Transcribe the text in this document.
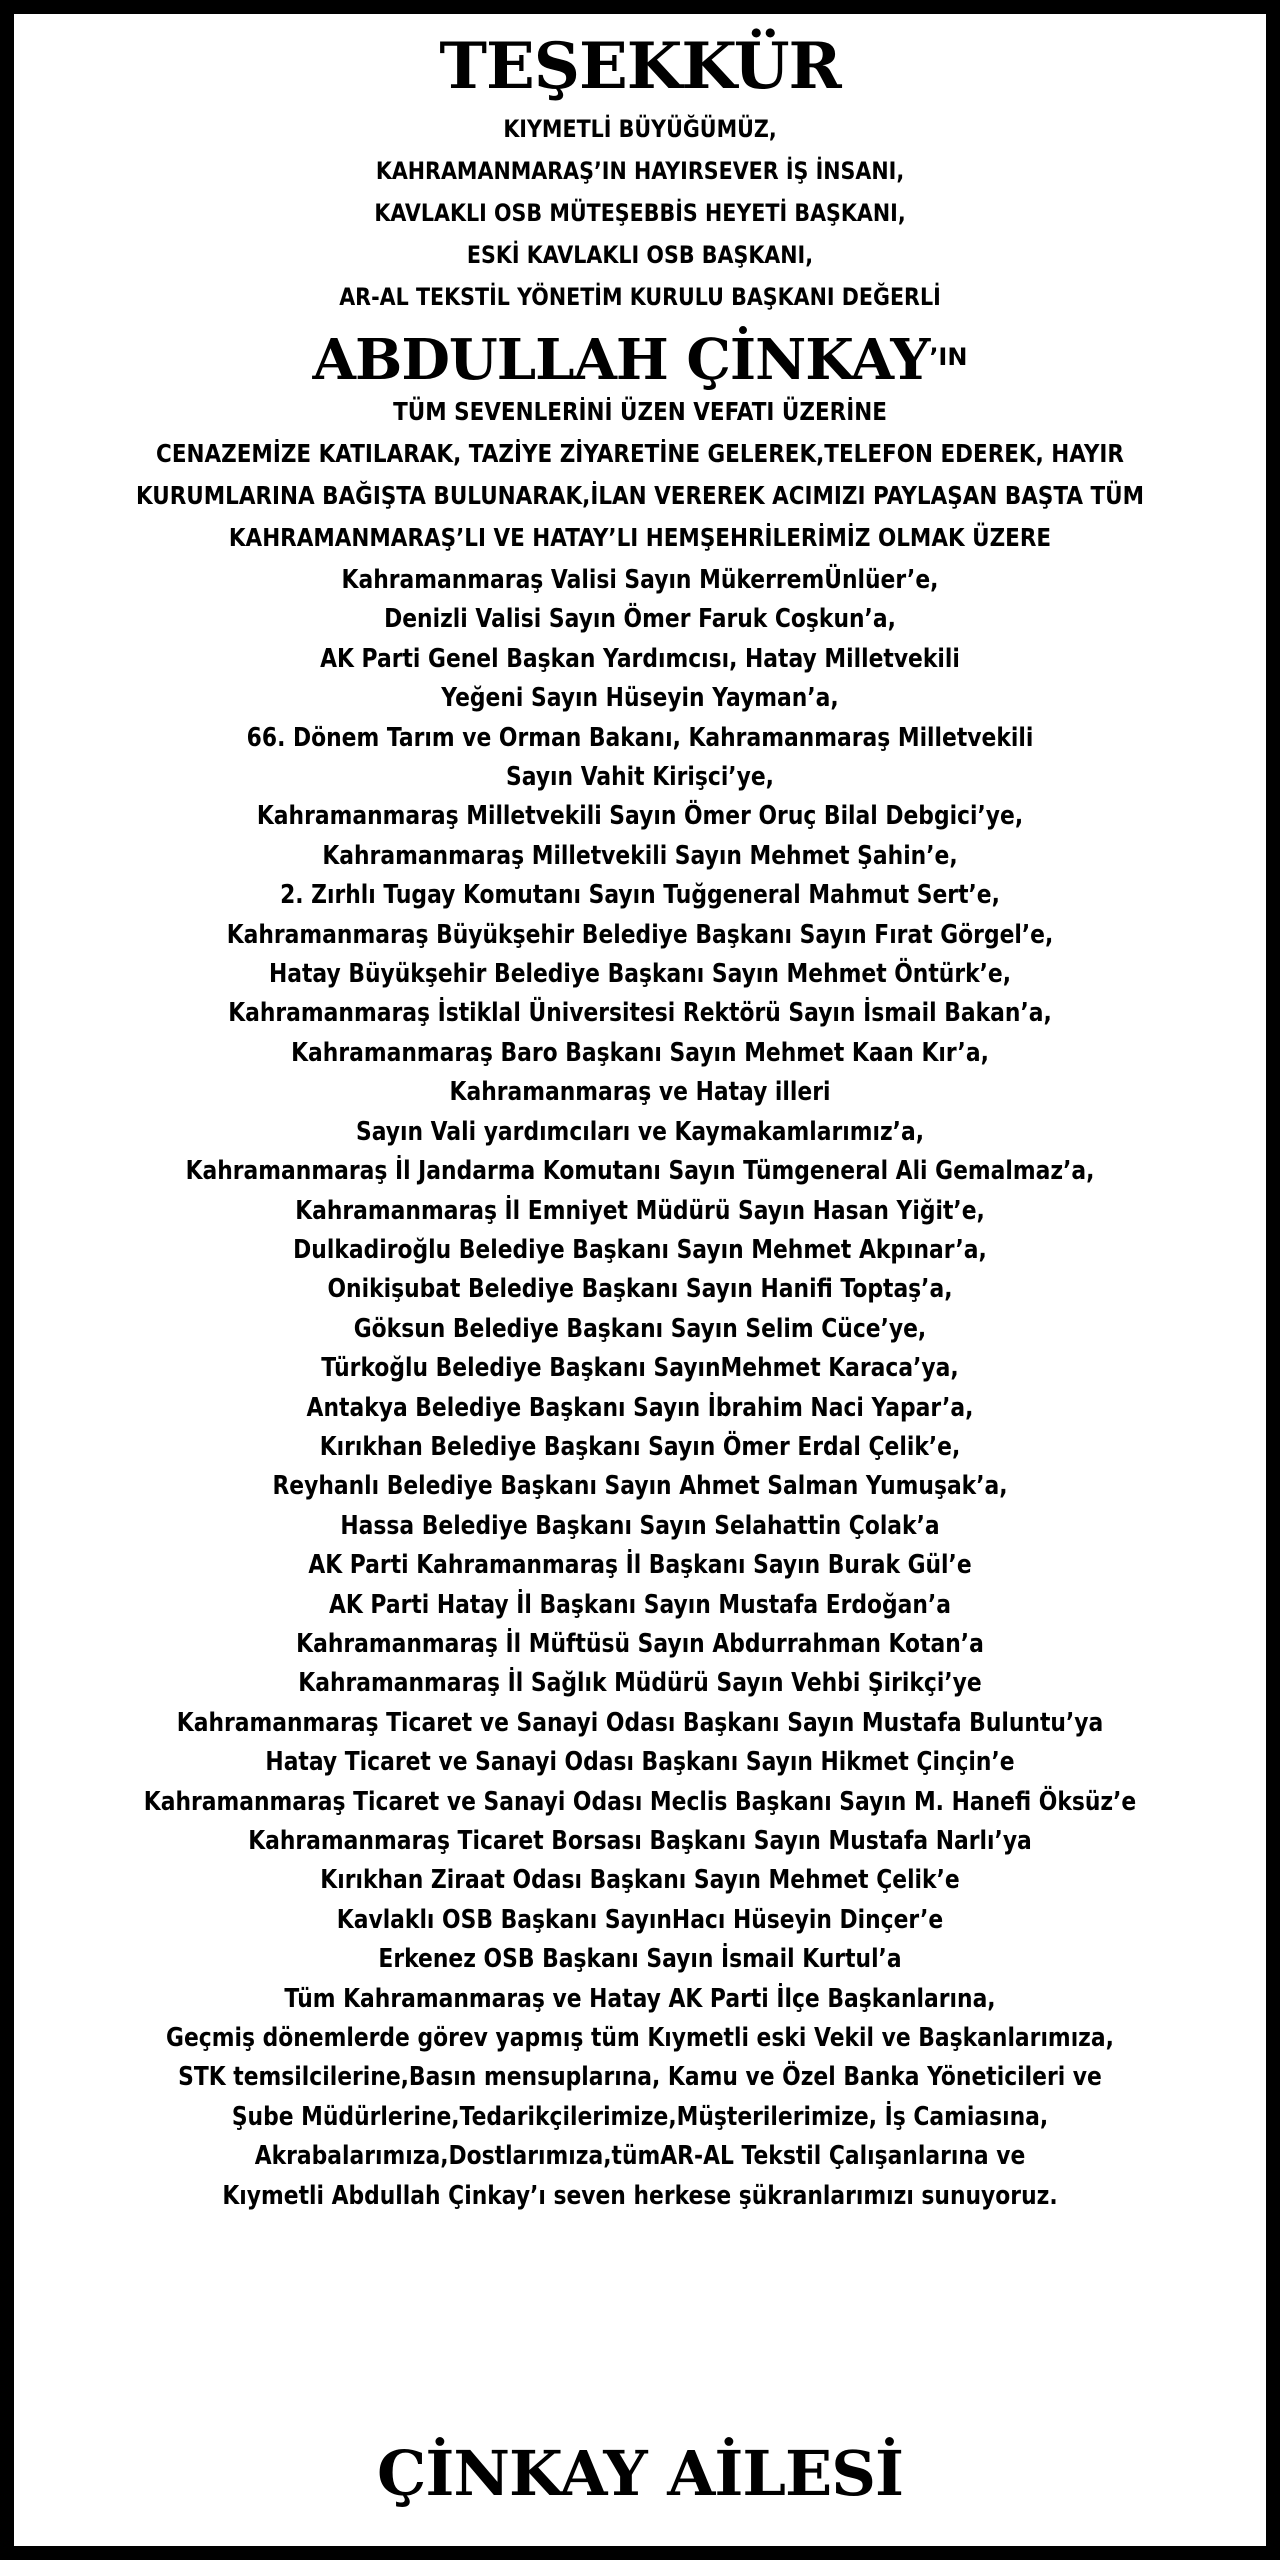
TEŞEKKÜR
KIYMETLİ BÜYÜĞÜMÜZ,
KAHRAMANMARAŞ’IN HAYIRSEVER İŞ İNSANI,
KAVLAKLI OSB MÜTEŞEBBİS HEYETİ BAŞKANI,
ESKİ KAVLAKLI OSB BAŞKANI,
AR-AL TEKSTİL YÖNETİM KURULU BAŞKANI DEĞERLİ
ABDULLAH $ÇİNKAY^{’IN}$
TÜM SEVENLERİNİ ÜZEN VEFATI ÜZERİNE
CENAZEMİZE KATILARAK, TAZİYE ZİYARETİNE GELEREK,TELEFON EDEREK, HAYIR
KURUMLARINA BAĞIŞTA BULUNARAK,İLAN VEREREK ACIMIZI PAYLAŞAN BAŞTA TÜM
KAHRAMANMARAŞ’LI VE HATAY’LI HEMŞEHRİLERİMİZ OLMAK ÜZERE
Kahramanmaraş Valisi Sayın MükerremÜnlüer’e,
Denizli Valisi Sayın Ömer Faruk Coşkun’a,
AK Parti Genel Başkan Yardımcısı, Hatay Milletvekili
Yeğeni Sayın Hüseyin Yayman’a,
66. Dönem Tarım ve Orman Bakanı, Kahramanmaraş Milletvekili
Sayın Vahit Kirişci’ye,
Kahramanmaraş Milletvekili Sayın Ömer Oruç Bilal Debgici’ye,
Kahramanmaraş Milletvekili Sayın Mehmet Şahin’e,
2. Zırhlı Tugay Komutanı Sayın Tuğgeneral Mahmut Sert’e,
Kahramanmaraş Büyükşehir Belediye Başkanı Sayın Fırat Görgel’e,
Hatay Büyükşehir Belediye Başkanı Sayın Mehmet Öntürk’e,
Kahramanmaraş İstiklal Üniversitesi Rektörü Sayın İsmail Bakan’a,
Kahramanmaraş Baro Başkanı Sayın Mehmet Kaan Kır’a,
Kahramanmaraş ve Hatay illeri
Sayın Vali yardımcıları ve Kaymakamlarımız’a,
Kahramanmaraş İl Jandarma Komutanı Sayın Tümgeneral Ali Gemalmaz’a,
Kahramanmaraş İl Emniyet Müdürü Sayın Hasan Yiğit’e,
Dulkadiroğlu Belediye Başkanı Sayın Mehmet Akpınar’a,
Onikişubat Belediye Başkanı Sayın Hanifi Toptaş’a,
Göksun Belediye Başkanı Sayın Selim Cüce’ye,
Türkoğlu Belediye Başkanı SayınMehmet Karaca’ya,
Antakya Belediye Başkanı Sayın İbrahim Naci Yapar’a,
Kırıkhan Belediye Başkanı Sayın Ömer Erdal Çelik’e,
Reyhanlı Belediye Başkanı Sayın Ahmet Salman Yumuşak’a,
Hassa Belediye Başkanı Sayın Selahattin Çolak’a
AK Parti Kahramanmaraş İl Başkanı Sayın Burak Gül’e
AK Parti Hatay İl Başkanı Sayın Mustafa Erdoğan’a
Kahramanmaraş İl Müftüsü Sayın Abdurrahman Kotan’a
Kahramanmaraş İl Sağlık Müdürü Sayın Vehbi Şirikçi’ye
Kahramanmaraş Ticaret ve Sanayi Odası Başkanı Sayın Mustafa Buluntu’ya
Hatay Ticaret ve Sanayi Odası Başkanı Sayın Hikmet Çinçin’e
Kahramanmaraş Ticaret ve Sanayi Odası Meclis Başkanı Sayın M. Hanefi Öksüz’e
Kahramanmaraş Ticaret Borsası Başkanı Sayın Mustafa Narlı’ya
Kırıkhan Ziraat Odası Başkanı Sayın Mehmet Çelik’e
Kavlaklı OSB Başkanı SayınHacı Hüseyin Dinçer’e
Erkenez OSB Başkanı Sayın İsmail Kurtul’a
Tüm Kahramanmaraş ve Hatay AK Parti İlçe Başkanlarına,
Geçmiş dönemlerde görev yapmış tüm Kıymetli eski Vekil ve Başkanlarımıza,
STK temsilcilerine,Basın mensuplarına, Kamu ve Özel Banka Yöneticileri ve
Şube Müdürlerine,Tedarikçilerimize,Müşterilerimize, İş Camiasına,
Akrabalarımıza,Dostlarımıza,tümAR-AL Tekstil Çalışanlarına ve
Kıymetli Abdullah Çinkay’ı seven herkese şükranlarımızı sunuyoruz.
ÇİNKAY AİLESİ
